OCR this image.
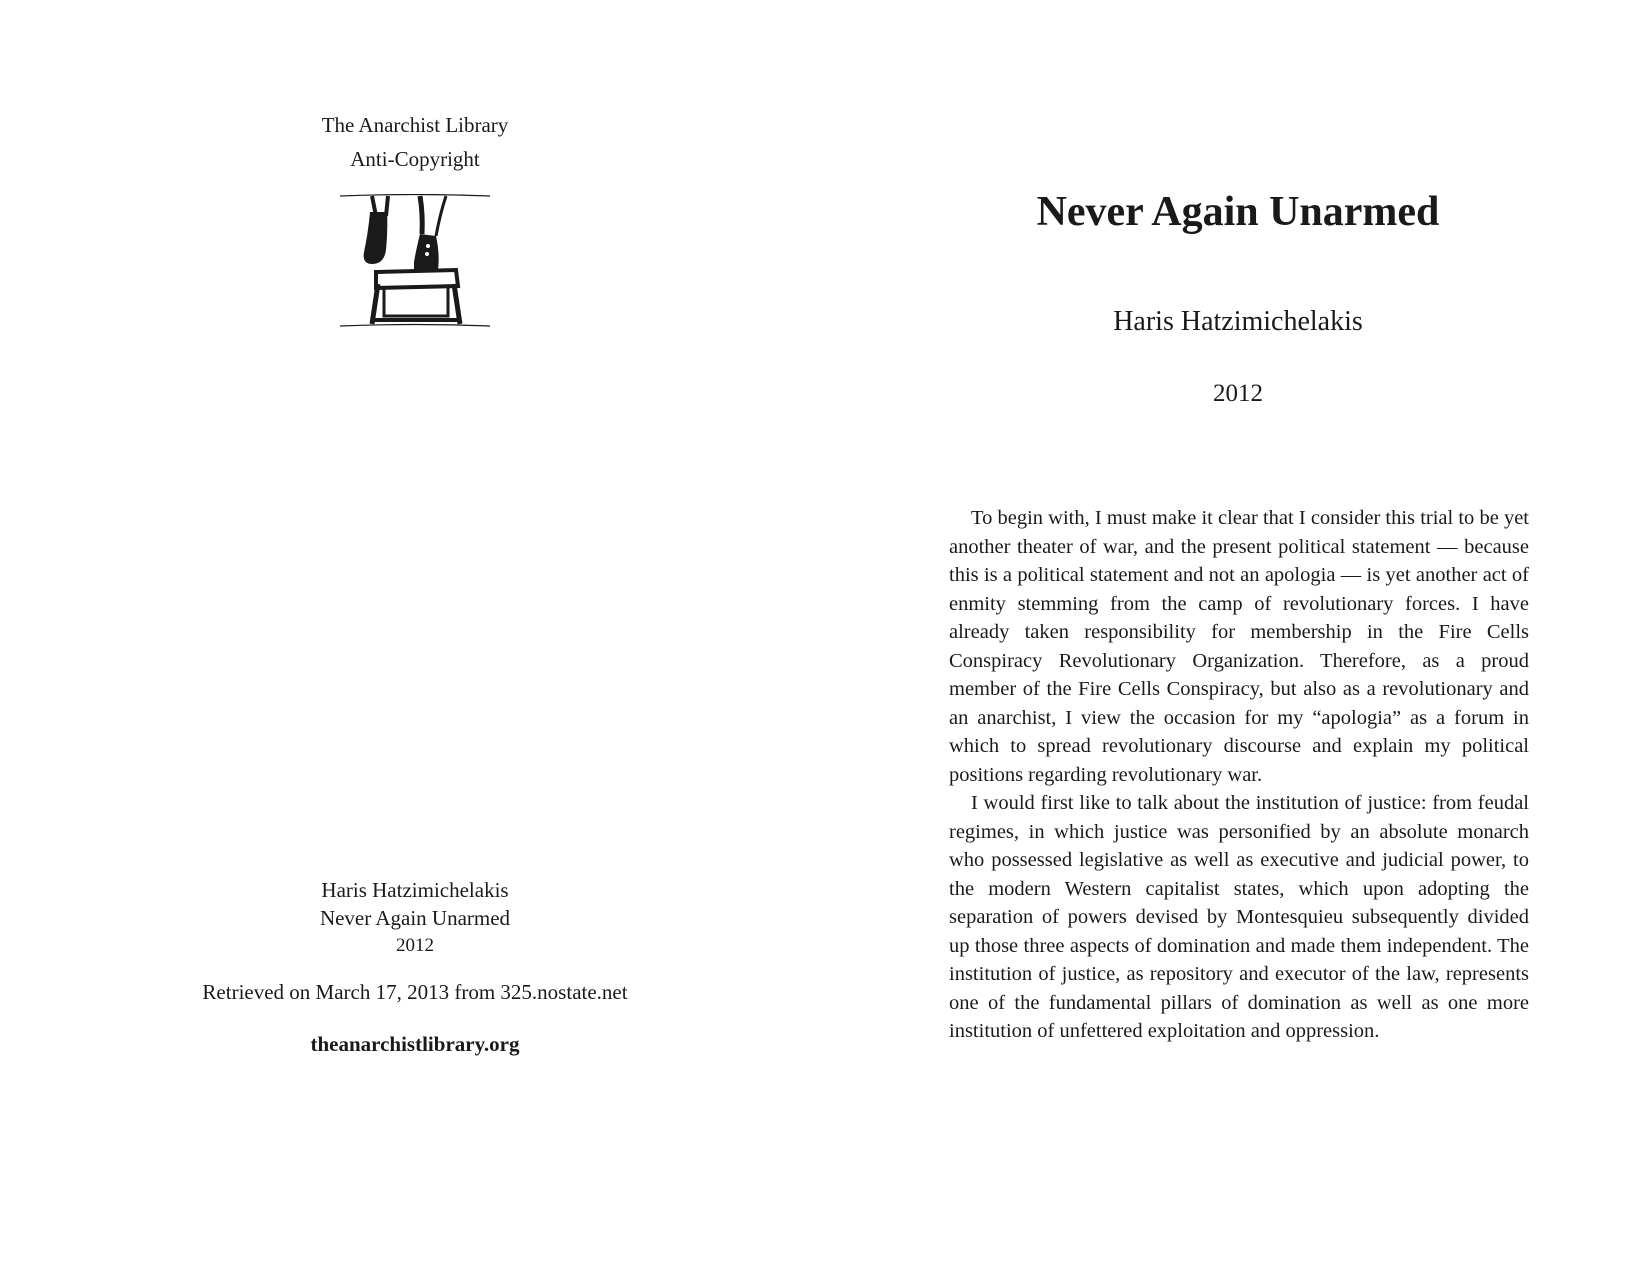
The Anarchist Library
Anti-Copyright
Haris Hatzimichelakis
Never Again Unarmed
2012
Retrieved on March 17, 2013 from 325.nostate.net
theanarchistlibrary.org
Never Again Unarmed
Haris Hatzimichelakis
2012

To begin with, I must make it clear that I consider this trial to be yet another theater of war, and the present political statement — because this is a political statement and not an apologia — is yet another act of enmity stemming from the camp of revolutionary forces. I have already taken responsibility for membership in the Fire Cells Conspiracy Revolutionary Organization. Therefore, as a proud member of the Fire Cells Conspiracy, but also as a revolutionary and an anarchist, I view the occasion for my “apologia” as a forum in which to spread revolutionary discourse and explain my political positions regarding revolutionary war.

I would first like to talk about the institution of justice: from feudal regimes, in which justice was personified by an absolute monarch who possessed legislative as well as executive and judicial power, to the modern Western capitalist states, which upon adopting the separation of powers devised by Montesquieu subsequently divided up those three aspects of domination and made them independent. The institution of justice, as repository and executor of the law, represents one of the fundamental pillars of domination as well as one more institution of unfettered exploitation and oppression.
